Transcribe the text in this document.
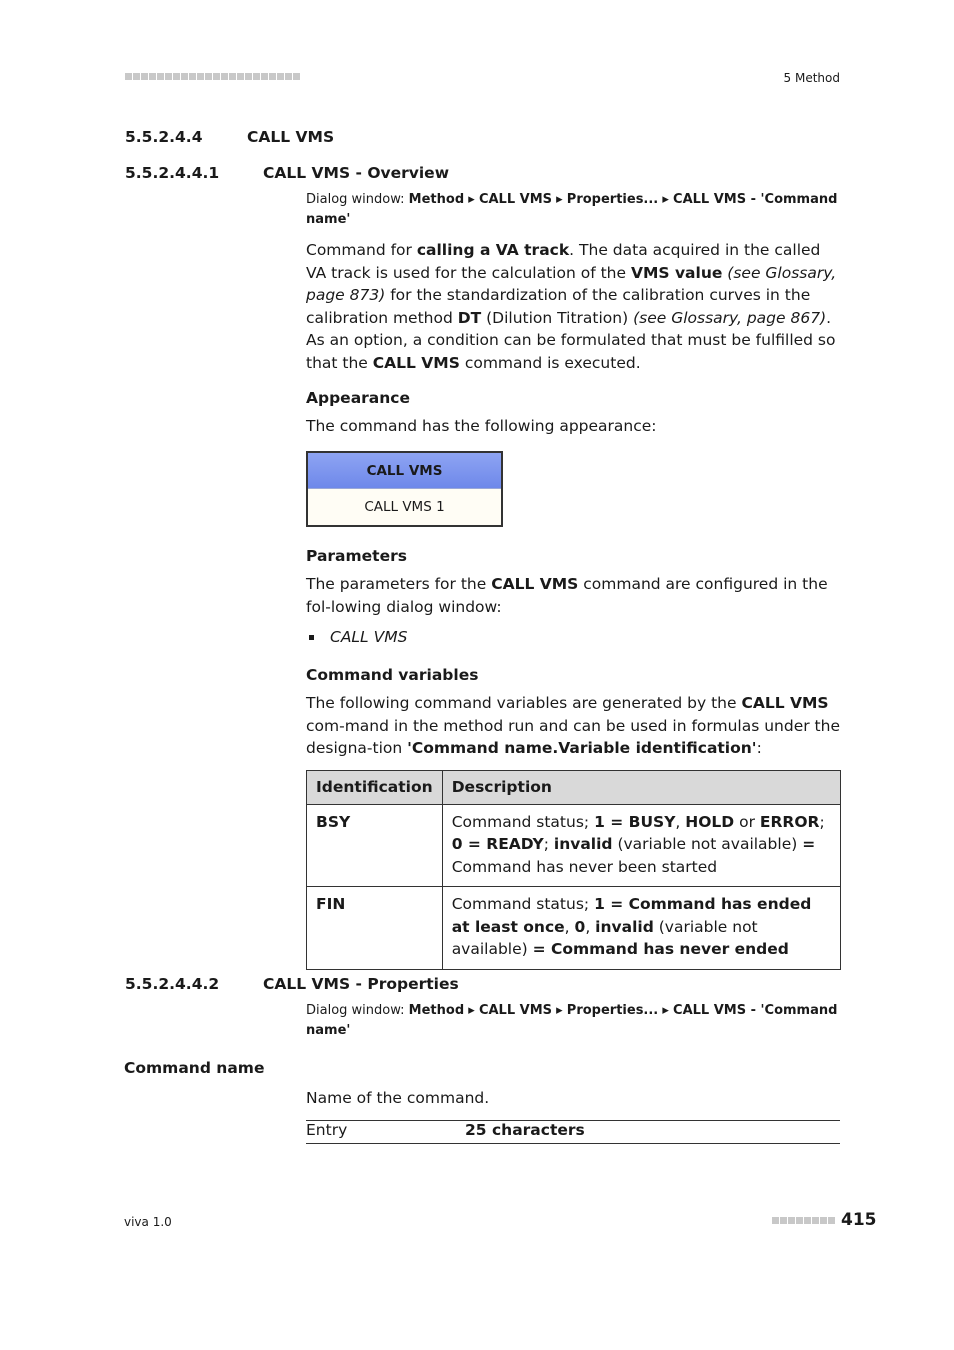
5 Method
5.5.2.4.4	CALL VMS
5.5.2.4.4.1	CALL VMS - Overview
Dialog window: Method ▸ CALL VMS ▸ Properties... ▸ CALL VMS - 'Command name'
Command for calling a VA track. The data acquired in the called VA track is used for the calculation of the VMS value (see Glossary, page 873) for the standardization of the calibration curves in the calibration method DT (Dilution Titration) (see Glossary, page 867). As an option, a condition can be formulated that must be fulfilled so that the CALL VMS command is executed.
Appearance
The command has the following appearance:
CALL VMS
CALL VMS 1
Parameters
The parameters for the CALL VMS command are configured in the fol-lowing dialog window:
CALL VMS
Command variables
The following command variables are generated by the CALL VMS com-mand in the method run and can be used in formulas under the designa-tion 'Command name.Variable identification':
Identification	Description
BSY	Command status; 1 = BUSY, HOLD or ERROR; 0 = READY; invalid (variable not available) = Command has never been started
FIN	Command status; 1 = Command has ended at least once, 0, invalid (variable not available) = Command has never ended
5.5.2.4.4.2	CALL VMS - Properties
Dialog window: Method ▸ CALL VMS ▸ Properties... ▸ CALL VMS - 'Command name'
Command name
Name of the command.
Entry	25 characters
viva 1.0	415
